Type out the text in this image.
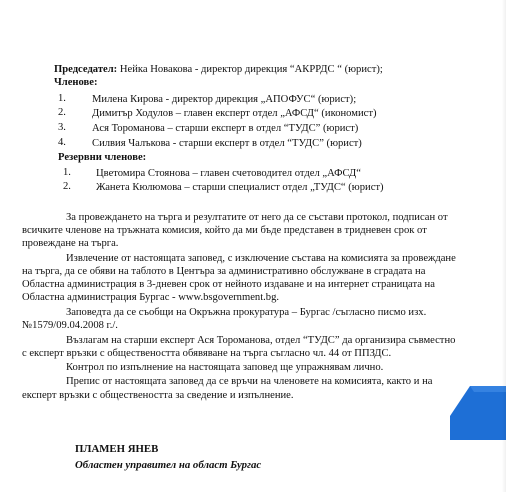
Председател: Нейка Новакова - директор дирекция “АКРРДС “ (юрист);
Членове:
1. Милена Кирова - директор дирекция „АПОФУС“ (юрист);
2. Димитър Ходулов – главен експерт отдел „АФСД“ (икономист)
3. Ася Тороманова – старши експерт в отдел “ТУДС” (юрист)
4. Силвия Чалъкова - старши експерт в отдел “ТУДС” (юрист)
Резервни членове:
1. Цветомира Стоянова – главен счетоводител отдел „АФСД“
2. Жанета Кюлюмова – старши специалист отдел „ТУДС“ (юрист)
За провеждането на търга и резултатите от него да се състави протокол, подписан от
всичките членове на тръжната комисия, който да ми бъде представен в тридневен срок от
провеждане на търга.
Извлечение от настоящата заповед, с изключение състава на комисията за провеждане
на търга, да се обяви на таблото в Центъра за административно обслужване в сградата на
Областна администрация в 3-дневен срок от нейното издаване и на интернет страницата на
Областна администрация Бургас - www.bsgovernment.bg.
Заповедта да се съобщи на Окръжна прокуратура – Бургас /съгласно писмо изх.
№1579/09.04.2008 г./.
Възлагам на старши експерт Ася Тороманова, отдел “ТУДС” да организира съвместно
с експерт връзки с обществеността обявяване на търга съгласно чл. 44 от ППЗДС.
Контрол по изпълнение на настоящата заповед ще упражнявам лично.
Препис от настоящата заповед да се връчи на членовете на комисията, както и на
експерт връзки с обществеността за сведение и изпълнение.
ПЛАМЕН ЯНЕВ
Областен управител на област Бургас
